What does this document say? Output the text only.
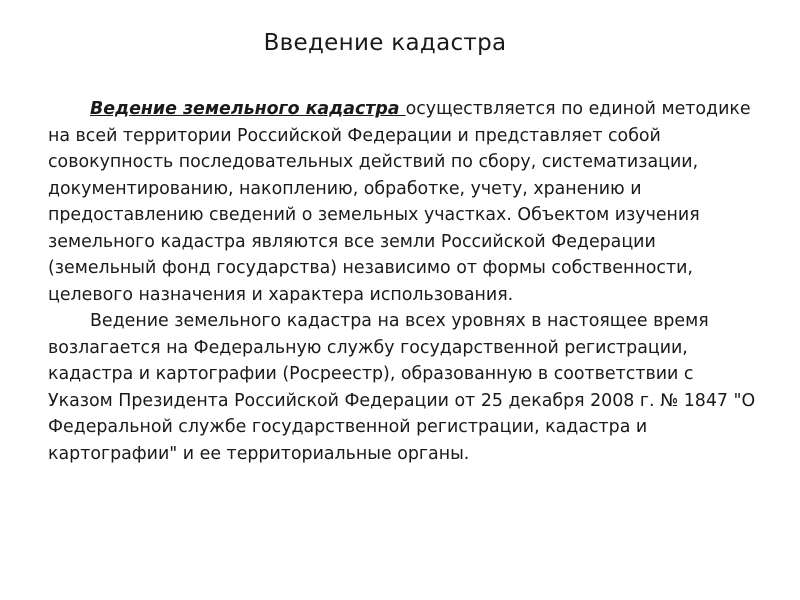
Введение кадастра

Ведение земельного кадастра осуществляется по единой методике на всей территории Российской Федерации и представляет собой совокупность последовательных действий по сбору, систематизации, документированию, накоплению, обработке, учету, хранению и предоставлению сведений о земельных участках. Объектом изучения земельного кадастра являются все земли Российской Федерации (земельный фонд государства) независимо от формы собственности, целевого назначения и характера использования.

Ведение земельного кадастра на всех уровнях в настоящее время возлагается на Федеральную службу государственной регистрации, кадастра и картографии (Росреестр), образованную в соответствии с Указом Президента Российской Федерации от 25 декабря 2008 г. № 1847 "О Федеральной службе государственной регистрации, кадастра и картографии" и ее территориальные органы.
